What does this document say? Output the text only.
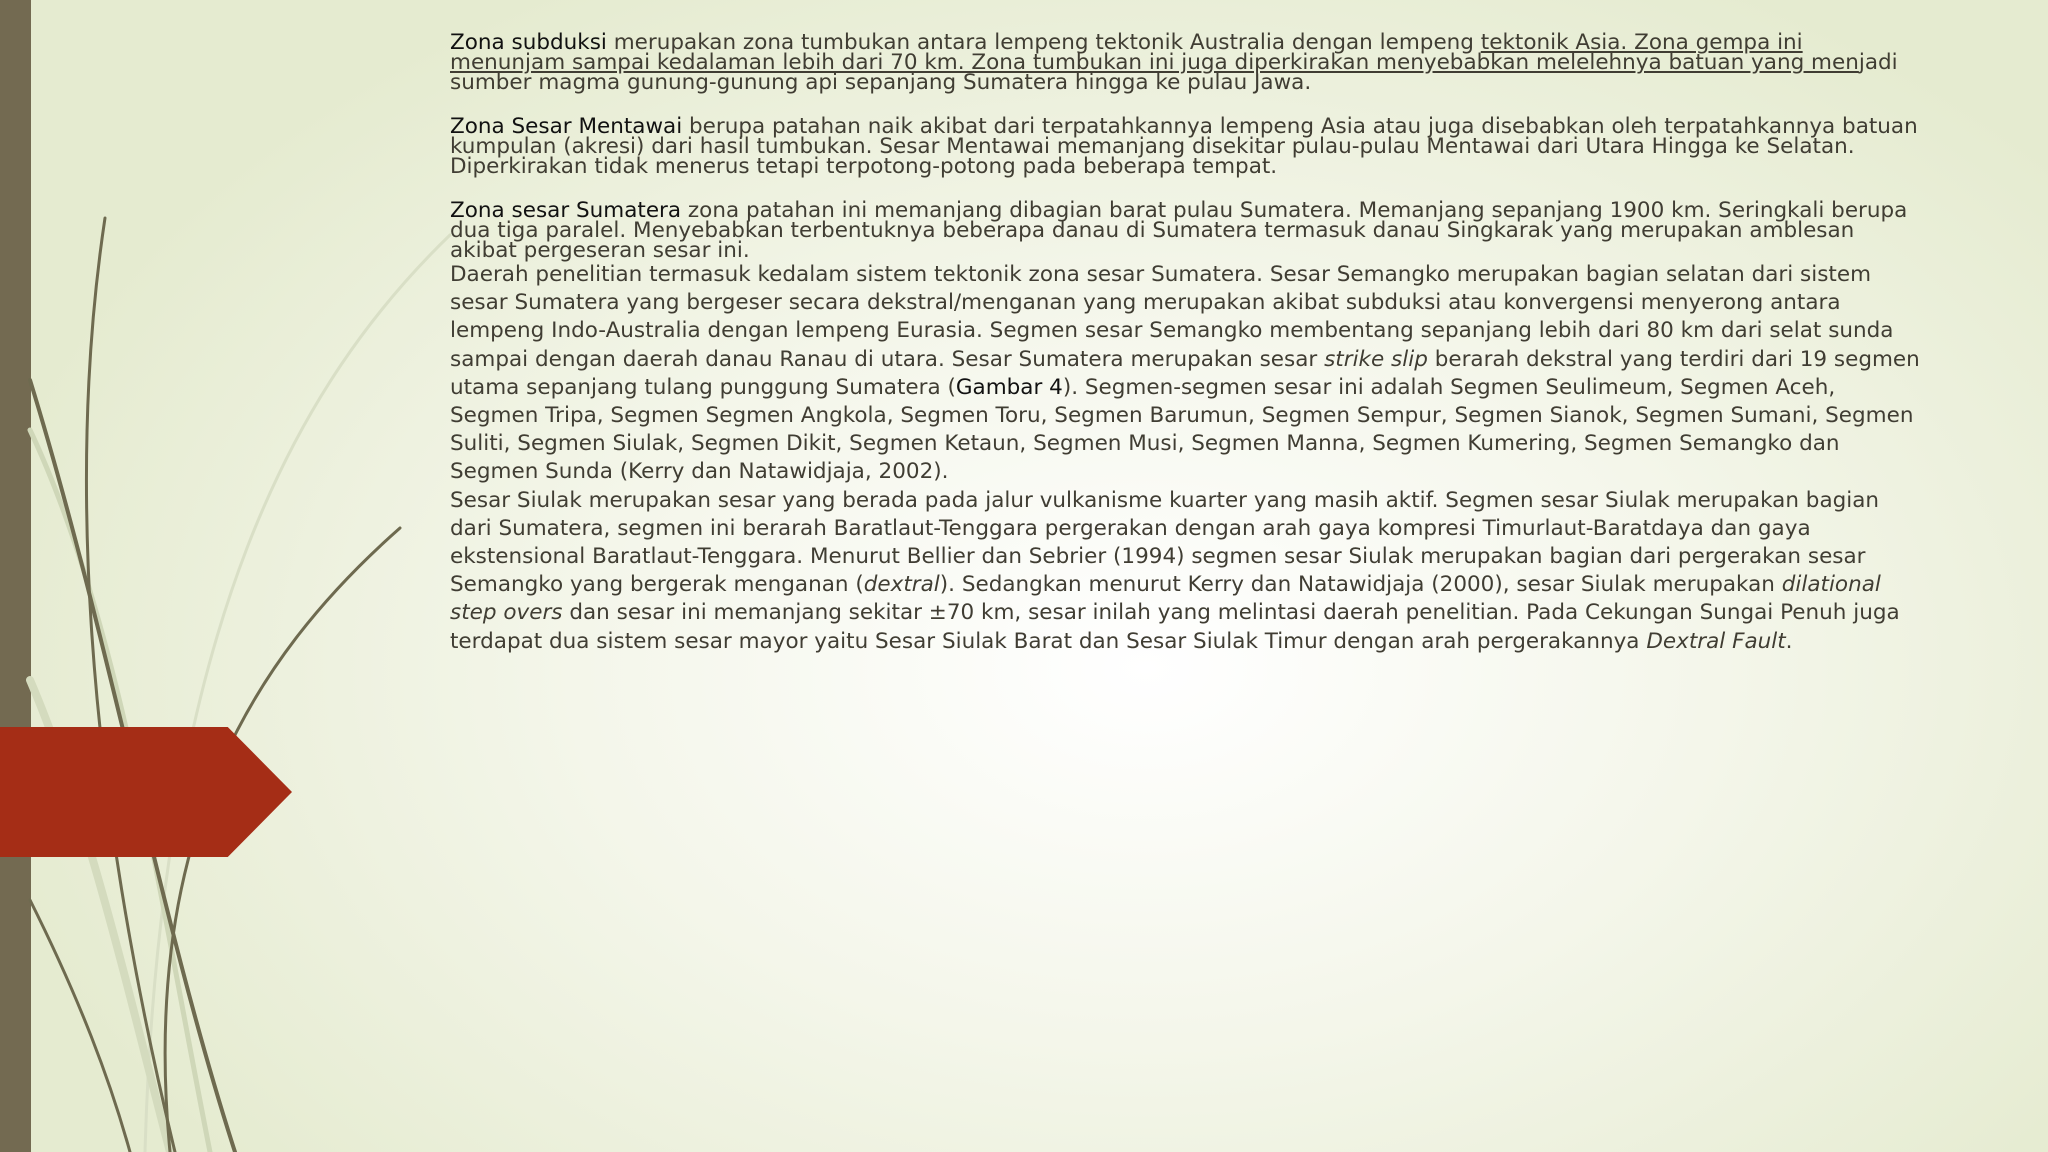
Zona subduksi merupakan zona tumbukan antara lempeng tektonik Australia dengan lempeng tektonik Asia. Zona gempa ini menunjam sampai kedalaman lebih dari 70 km. Zona tumbukan ini juga diperkirakan menyebabkan melelehnya batuan yang menjadi sumber magma gunung-gunung api sepanjang Sumatera hingga ke pulau Jawa.

Zona Sesar Mentawai berupa patahan naik akibat dari terpatahkannya lempeng Asia atau juga disebabkan oleh terpatahkannya batuan kumpulan (akresi) dari hasil tumbukan. Sesar Mentawai memanjang disekitar pulau-pulau Mentawai dari Utara Hingga ke Selatan. Diperkirakan tidak menerus tetapi terpotong-potong pada beberapa tempat.

Zona sesar Sumatera zona patahan ini memanjang dibagian barat pulau Sumatera. Memanjang sepanjang 1900 km. Seringkali berupa dua tiga paralel. Menyebabkan terbentuknya beberapa danau di Sumatera termasuk danau Singkarak yang merupakan amblesan akibat pergeseran sesar ini.

Daerah penelitian termasuk kedalam sistem tektonik zona sesar Sumatera. Sesar Semangko merupakan bagian selatan dari sistem sesar Sumatera yang bergeser secara dekstral/menganan yang merupakan akibat subduksi atau konvergensi menyerong antara lempeng Indo-Australia dengan lempeng Eurasia. Segmen sesar Semangko membentang sepanjang lebih dari 80 km dari selat sunda sampai dengan daerah danau Ranau di utara. Sesar Sumatera merupakan sesar strike slip berarah dekstral yang terdiri dari 19 segmen utama sepanjang tulang punggung Sumatera (Gambar 4). Segmen-segmen sesar ini adalah Segmen Seulimeum, Segmen Aceh, Segmen Tripa, Segmen Segmen Angkola, Segmen Toru, Segmen Barumun, Segmen Sempur, Segmen Sianok, Segmen Sumani, Segmen Suliti, Segmen Siulak, Segmen Dikit, Segmen Ketaun, Segmen Musi, Segmen Manna, Segmen Kumering, Segmen Semangko dan Segmen Sunda (Kerry dan Natawidjaja, 2002).

Sesar Siulak merupakan sesar yang berada pada jalur vulkanisme kuarter yang masih aktif. Segmen sesar Siulak merupakan bagian dari Sumatera, segmen ini berarah Baratlaut-Tenggara pergerakan dengan arah gaya kompresi Timurlaut-Baratdaya dan gaya ekstensional Baratlaut-Tenggara. Menurut Bellier dan Sebrier (1994) segmen sesar Siulak merupakan bagian dari pergerakan sesar Semangko yang bergerak menganan (dextral). Sedangkan menurut Kerry dan Natawidjaja (2000), sesar Siulak merupakan dilational step overs dan sesar ini memanjang sekitar ±70 km, sesar inilah yang melintasi daerah penelitian. Pada Cekungan Sungai Penuh juga terdapat dua sistem sesar mayor yaitu Sesar Siulak Barat dan Sesar Siulak Timur dengan arah pergerakannya Dextral Fault.
